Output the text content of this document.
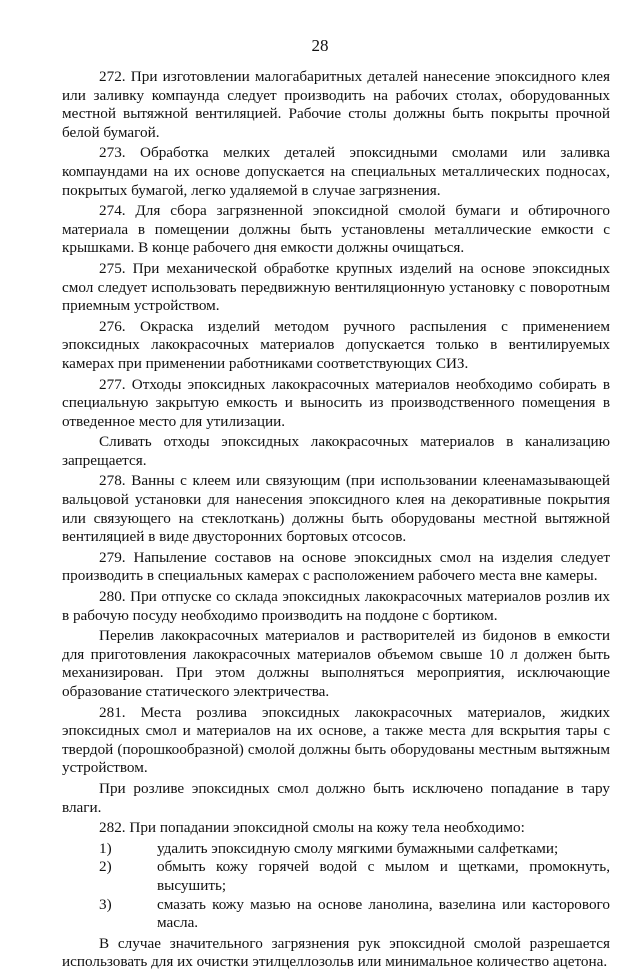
28

272. При изготовлении малогабаритных деталей нанесение эпоксидного клея или заливку компаунда следует производить на рабочих столах, оборудованных местной вытяжной вентиляцией. Рабочие столы должны быть покрыты прочной белой бумагой.

273. Обработка мелких деталей эпоксидными смолами или заливка компаундами на их основе допускается на специальных металлических подносах, покрытых бумагой, легко удаляемой в случае загрязнения.

274. Для сбора загрязненной эпоксидной смолой бумаги и обтирочного материала в помещении должны быть установлены металлические емкости с крышками. В конце рабочего дня емкости должны очищаться.

275. При механической обработке крупных изделий на основе эпоксидных смол следует использовать передвижную вентиляционную установку с поворотным приемным устройством.

276. Окраска изделий методом ручного распыления с применением эпоксидных лакокрасочных материалов допускается только в вентилируемых камерах при применении работниками соответствующих СИЗ.

277. Отходы эпоксидных лакокрасочных материалов необходимо собирать в специальную закрытую емкость и выносить из производственного помещения в отведенное место для утилизации.

Сливать отходы эпоксидных лакокрасочных материалов в канализацию запрещается.

278. Ванны с клеем или связующим (при использовании клеенамазывающей вальцовой установки для нанесения эпоксидного клея на декоративные покрытия или связующего на стеклоткань) должны быть оборудованы местной вытяжной вентиляцией в виде двусторонних бортовых отсосов.

279. Напыление составов на основе эпоксидных смол на изделия следует производить в специальных камерах с расположением рабочего места вне камеры.

280. При отпуске со склада эпоксидных лакокрасочных материалов розлив их в рабочую посуду необходимо производить на поддоне с бортиком.

Перелив лакокрасочных материалов и растворителей из бидонов в емкости для приготовления лакокрасочных материалов объемом свыше 10 л должен быть механизирован. При этом должны выполняться мероприятия, исключающие образование статического электричества.

281. Места розлива эпоксидных лакокрасочных материалов, жидких эпоксидных смол и материалов на их основе, а также места для вскрытия тары с твердой (порошкообразной) смолой должны быть оборудованы местным вытяжным устройством.

При розливе эпоксидных смол должно быть исключено попадание в тару влаги.

282. При попадании эпоксидной смолы на кожу тела необходимо:

1)	удалить эпоксидную смолу мягкими бумажными салфетками;
2)	обмыть кожу горячей водой с мылом и щетками, промокнуть, высушить;
3)	смазать кожу мазью на основе ланолина, вазелина или касторового масла.

В случае значительного загрязнения рук эпоксидной смолой разрешается использовать для их очистки этилцеллозольв или минимальное количество ацетона.
